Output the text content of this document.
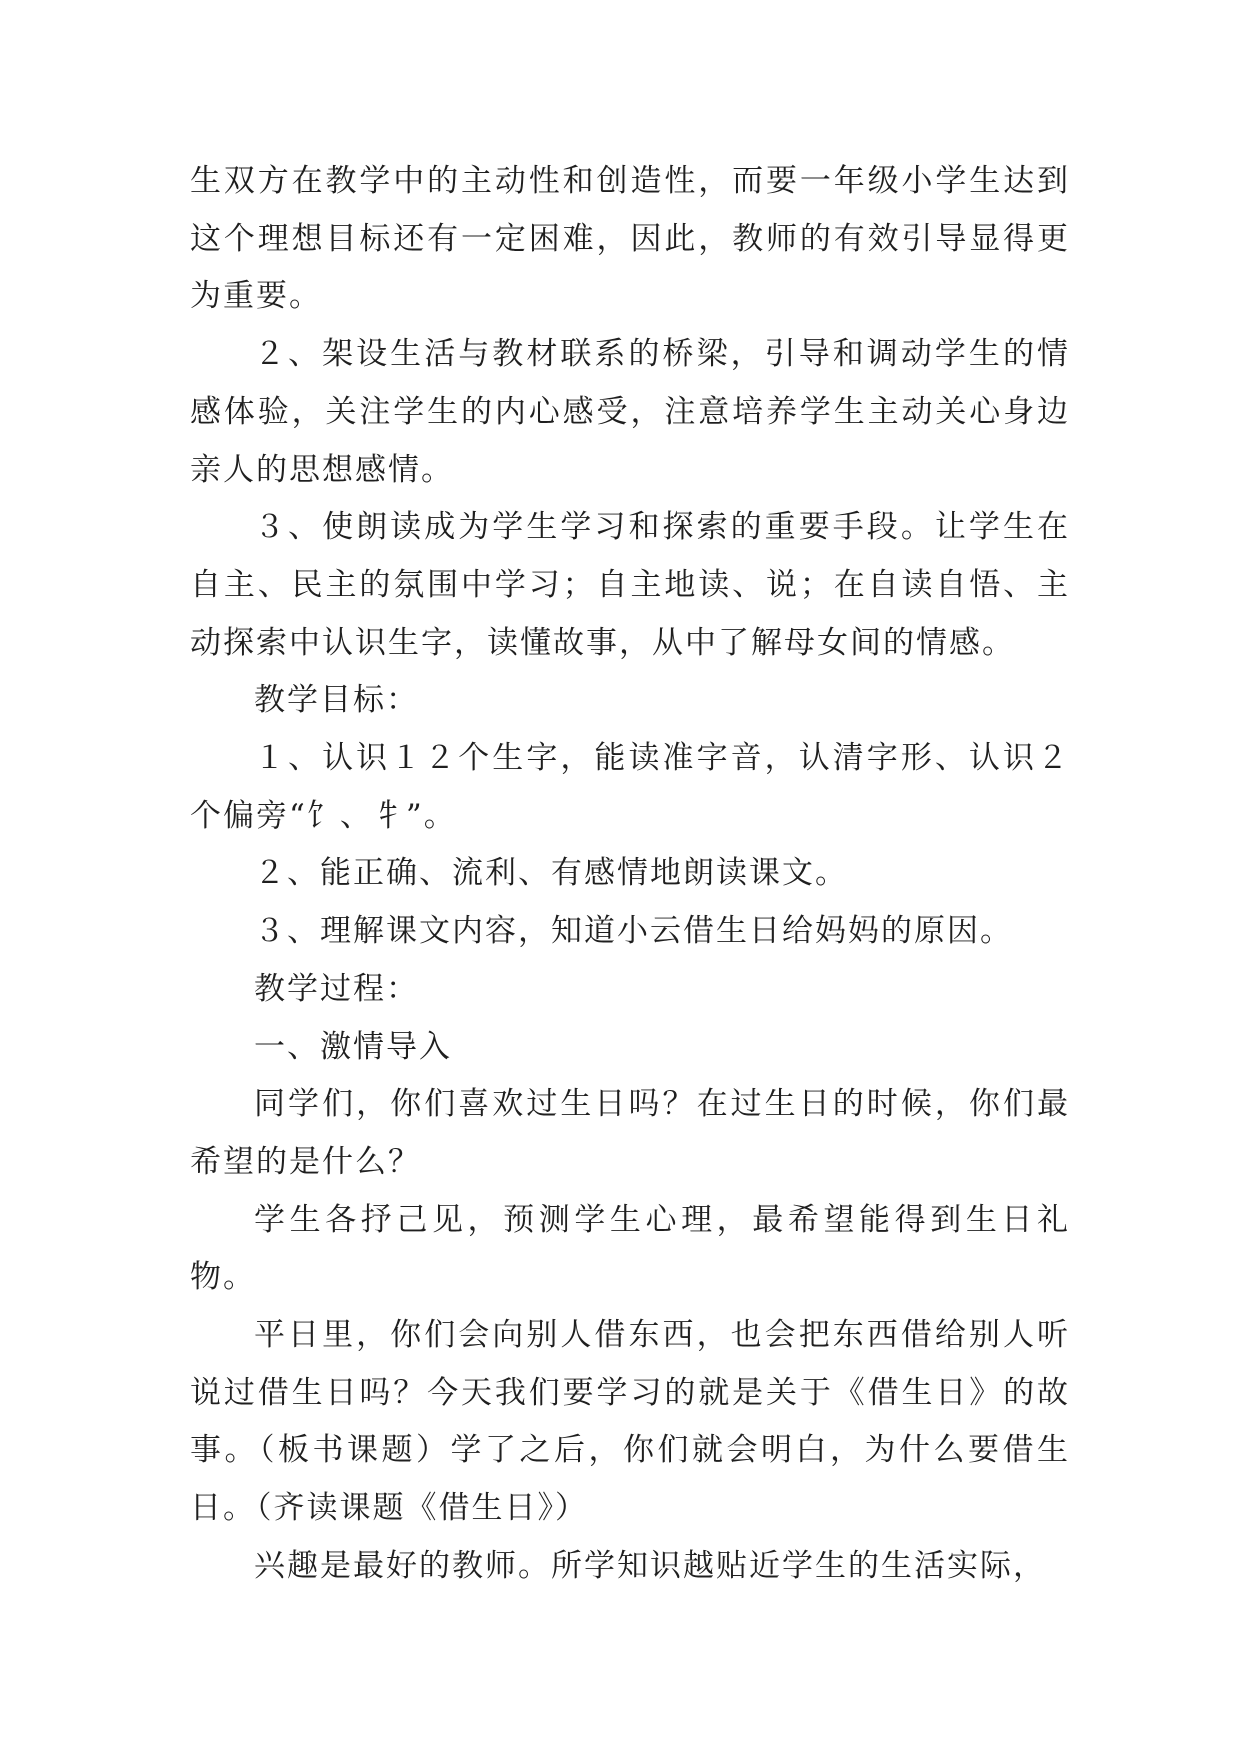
生双方在教学中的主动性和创造性，而要一年级小学生达到这个理想目标还有一定困难，因此，教师的有效引导显得更为重要。

２、架设生活与教材联系的桥梁，引导和调动学生的情感体验，关注学生的内心感受，注意培养学生主动关心身边亲人的思想感情。

３、使朗读成为学生学习和探索的重要手段。让学生在自主、民主的氛围中学习；自主地读、说；在自读自悟、主动探索中认识生字，读懂故事，从中了解母女间的情感。

教学目标：

１、认识１２个生字，能读准字音，认清字形、认识２个偏旁“饣、牜”。

２、能正确、流利、有感情地朗读课文。

３、理解课文内容，知道小云借生日给妈妈的原因。

教学过程：

一、激情导入

同学们，你们喜欢过生日吗？在过生日的时候，你们最希望的是什么？

学生各抒己见，预测学生心理，最希望能得到生日礼物。

平日里，你们会向别人借东西，也会把东西借给别人听说过借生日吗？今天我们要学习的就是关于《借生日》的故事。（板书课题）学了之后，你们就会明白，为什么要借生日。（齐读课题《借生日》）

兴趣是最好的教师。所学知识越贴近学生的生活实际，
